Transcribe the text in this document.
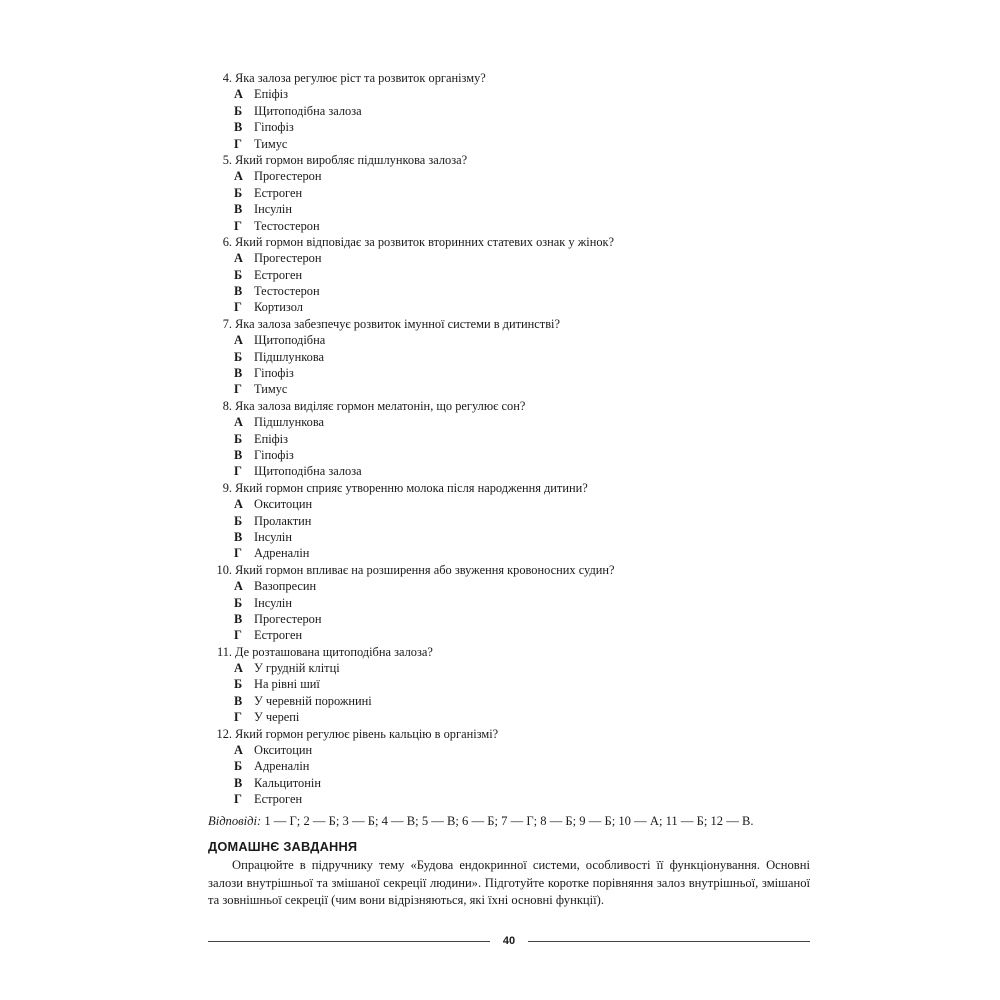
4. Яка залоза регулює ріст та розвиток організму?
А Епіфіз
Б Щитоподібна залоза
В Гіпофіз
Г Тимус
5. Який гормон виробляє підшлункова залоза?
А Прогестерон
Б Естроген
В Інсулін
Г Тестостерон
6. Який гормон відповідає за розвиток вторинних статевих ознак у жінок?
А Прогестерон
Б Естроген
В Тестостерон
Г Кортизол
7. Яка залоза забезпечує розвиток імунної системи в дитинстві?
А Щитоподібна
Б Підшлункова
В Гіпофіз
Г Тимус
8. Яка залоза виділяє гормон мелатонін, що регулює сон?
А Підшлункова
Б Епіфіз
В Гіпофіз
Г Щитоподібна залоза
9. Який гормон сприяє утворенню молока після народження дитини?
А Окситоцин
Б Пролактин
В Інсулін
Г Адреналін
10. Який гормон впливає на розширення або звуження кровоносних судин?
А Вазопресин
Б Інсулін
В Прогестерон
Г Естроген
11. Де розташована щитоподібна залоза?
А У грудній клітці
Б На рівні шиї
В У черевній порожнині
Г У черепі
12. Який гормон регулює рівень кальцію в організмі?
А Окситоцин
Б Адреналін
В Кальцитонін
Г Естроген
Відповіді: 1 — Г; 2 — Б; 3 — Б; 4 — В; 5 — В; 6 — Б; 7 — Г; 8 — Б; 9 — Б; 10 — А; 11 — Б; 12 — В.
ДОМАШНЄ ЗАВДАННЯ
Опрацюйте в підручнику тему «Будова ендокринної системи, особливості її функціонування. Основні залози внутрішньої та змішаної секреції людини». Підготуйте коротке порівняння залоз внутрішньої, змішаної та зовнішньої секреції (чим вони відрізняються, які їхні основні функції).
40
